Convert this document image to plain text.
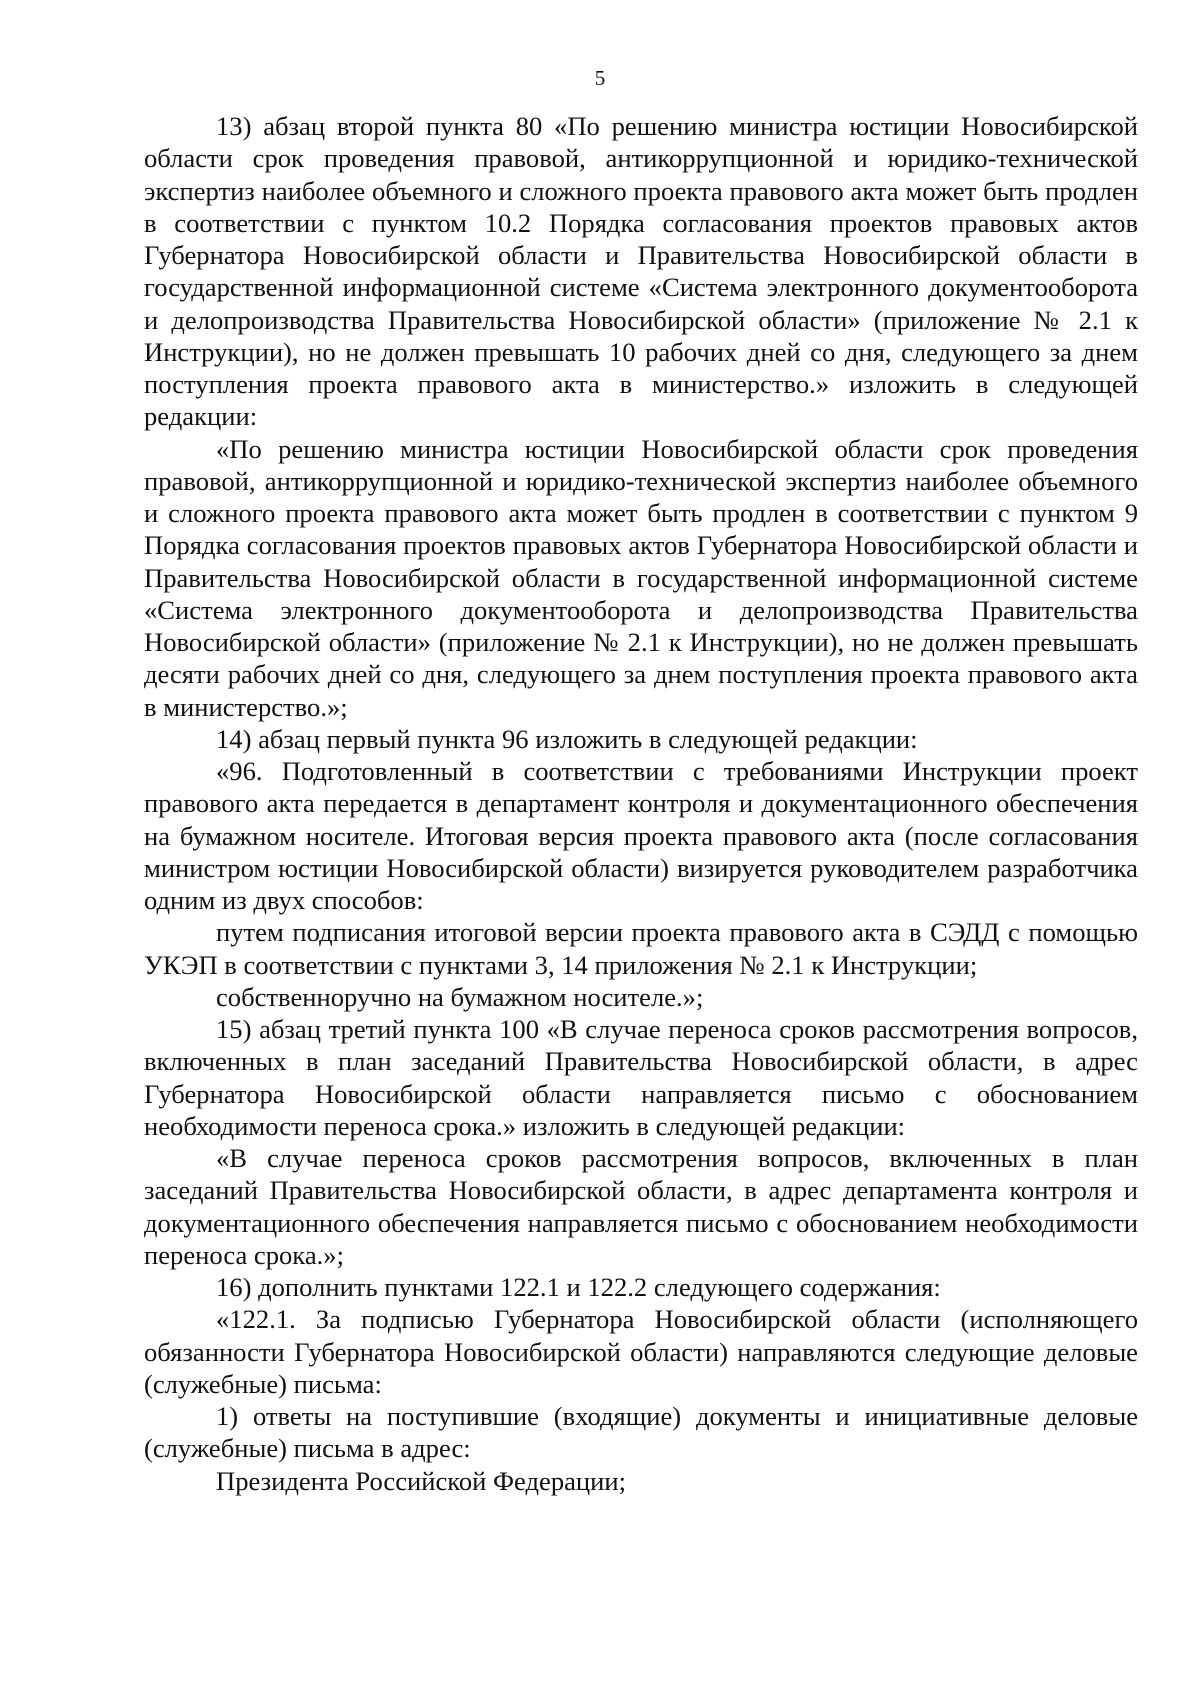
5

13) абзац второй пункта 80 «По решению министра юстиции Новосибирской области срок проведения правовой, антикоррупционной и юридико-технической экспертиз наиболее объемного и сложного проекта правового акта может быть продлен в соответствии с пунктом 10.2 Порядка согласования проектов правовых актов Губернатора Новосибирской области и Правительства Новосибирской области в государственной информационной системе «Система электронного документооборота и делопроизводства Правительства Новосибирской области» (приложение № 2.1 к Инструкции), но не должен превышать 10 рабочих дней со дня, следующего за днем поступления проекта правового акта в министерство.» изложить в следующей редакции:

«По решению министра юстиции Новосибирской области срок проведения правовой, антикоррупционной и юридико-технической экспертиз наиболее объемного и сложного проекта правового акта может быть продлен в соответствии с пунктом 9 Порядка согласования проектов правовых актов Губернатора Новосибирской области и Правительства Новосибирской области в государственной информационной системе «Система электронного документооборота и делопроизводства Правительства Новосибирской области» (приложение № 2.1 к Инструкции), но не должен превышать десяти рабочих дней со дня, следующего за днем поступления проекта правового акта в министерство.»;

14) абзац первый пункта 96 изложить в следующей редакции:

«96. Подготовленный в соответствии с требованиями Инструкции проект правового акта передается в департамент контроля и документационного обеспечения на бумажном носителе. Итоговая версия проекта правового акта (после согласования министром юстиции Новосибирской области) визируется руководителем разработчика одним из двух способов:

путем подписания итоговой версии проекта правового акта в СЭДД с помощью УКЭП в соответствии с пунктами 3, 14 приложения № 2.1 к Инструкции;

собственноручно на бумажном носителе.»;

15) абзац третий пункта 100 «В случае переноса сроков рассмотрения вопросов, включенных в план заседаний Правительства Новосибирской области, в адрес Губернатора Новосибирской области направляется письмо с обоснованием необходимости переноса срока.» изложить в следующей редакции:

«В случае переноса сроков рассмотрения вопросов, включенных в план заседаний Правительства Новосибирской области, в адрес департамента контроля и документационного обеспечения направляется письмо с обоснованием необходимости переноса срока.»;

16) дополнить пунктами 122.1 и 122.2 следующего содержания:

«122.1. За подписью Губернатора Новосибирской области (исполняющего обязанности Губернатора Новосибирской области) направляются следующие деловые (служебные) письма:

1) ответы на поступившие (входящие) документы и инициативные деловые (служебные) письма в адрес:

Президента Российской Федерации;
